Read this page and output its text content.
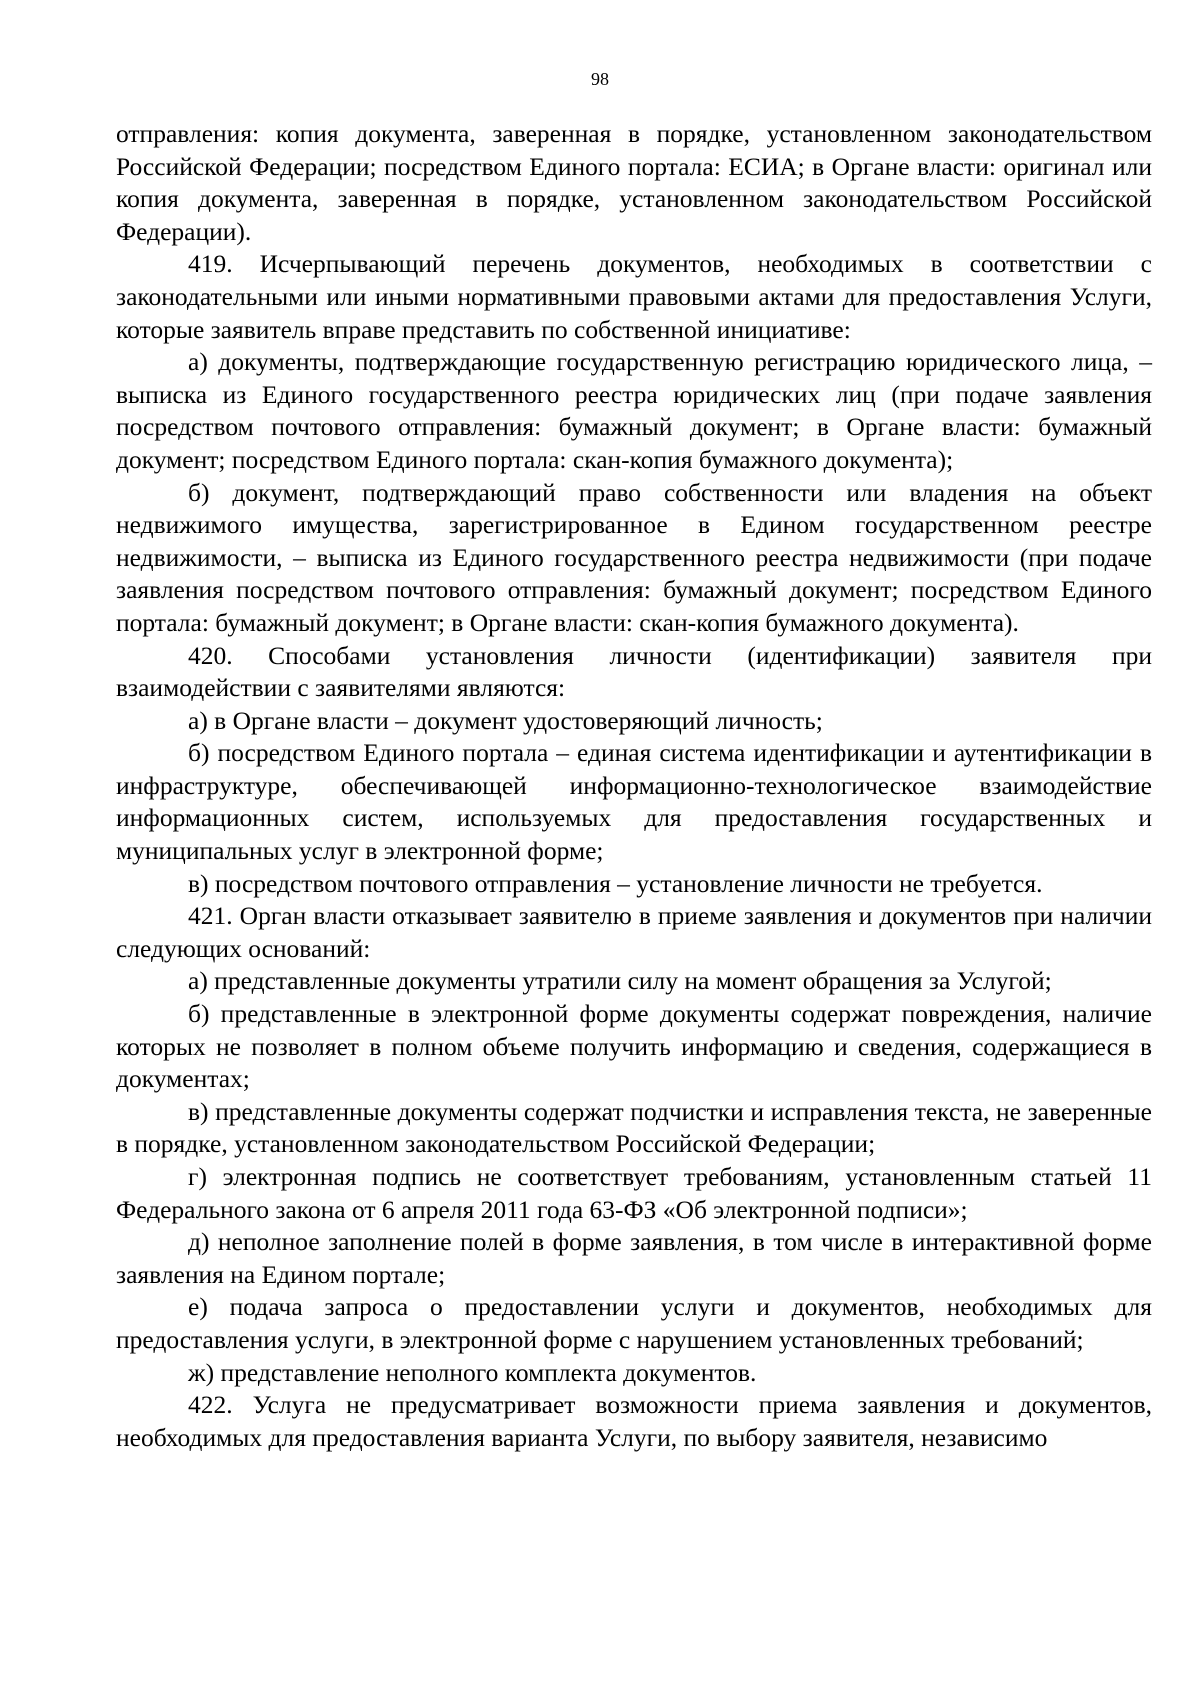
98

отправления: копия документа, заверенная в порядке, установленном законодательством Российской Федерации; посредством Единого портала: ЕСИА; в Органе власти: оригинал или копия документа, заверенная в порядке, установленном законодательством Российской Федерации).

419. Исчерпывающий перечень документов, необходимых в соответствии с законодательными или иными нормативными правовыми актами для предоставления Услуги, которые заявитель вправе представить по собственной инициативе:

а) документы, подтверждающие государственную регистрацию юридического лица, – выписка из Единого государственного реестра юридических лиц (при подаче заявления посредством почтового отправления: бумажный документ; в Органе власти: бумажный документ; посредством Единого портала: скан-копия бумажного документа);

б) документ, подтверждающий право собственности или владения на объект недвижимого имущества, зарегистрированное в Едином государственном реестре недвижимости, – выписка из Единого государственного реестра недвижимости (при подаче заявления посредством почтового отправления: бумажный документ; посредством Единого портала: бумажный документ; в Органе власти: скан-копия бумажного документа).

420. Способами установления личности (идентификации) заявителя при взаимодействии с заявителями являются:

а) в Органе власти – документ удостоверяющий личность;

б) посредством Единого портала – единая система идентификации и аутентификации в инфраструктуре, обеспечивающей информационно-технологическое взаимодействие информационных систем, используемых для предоставления государственных и муниципальных услуг в электронной форме;

в) посредством почтового отправления – установление личности не требуется.

421. Орган власти отказывает заявителю в приеме заявления и документов при наличии следующих оснований:

а) представленные документы утратили силу на момент обращения за Услугой;

б) представленные в электронной форме документы содержат повреждения, наличие которых не позволяет в полном объеме получить информацию и сведения, содержащиеся в документах;

в) представленные документы содержат подчистки и исправления текста, не заверенные в порядке, установленном законодательством Российской Федерации;

г) электронная подпись не соответствует требованиям, установленным статьей 11 Федерального закона от 6 апреля 2011 года 63-ФЗ «Об электронной подписи»;

д) неполное заполнение полей в форме заявления, в том числе в интерактивной форме заявления на Едином портале;

е) подача запроса о предоставлении услуги и документов, необходимых для предоставления услуги, в электронной форме с нарушением установленных требований;

ж) представление неполного комплекта документов.

422. Услуга не предусматривает возможности приема заявления и документов, необходимых для предоставления варианта Услуги, по выбору заявителя, независимо
